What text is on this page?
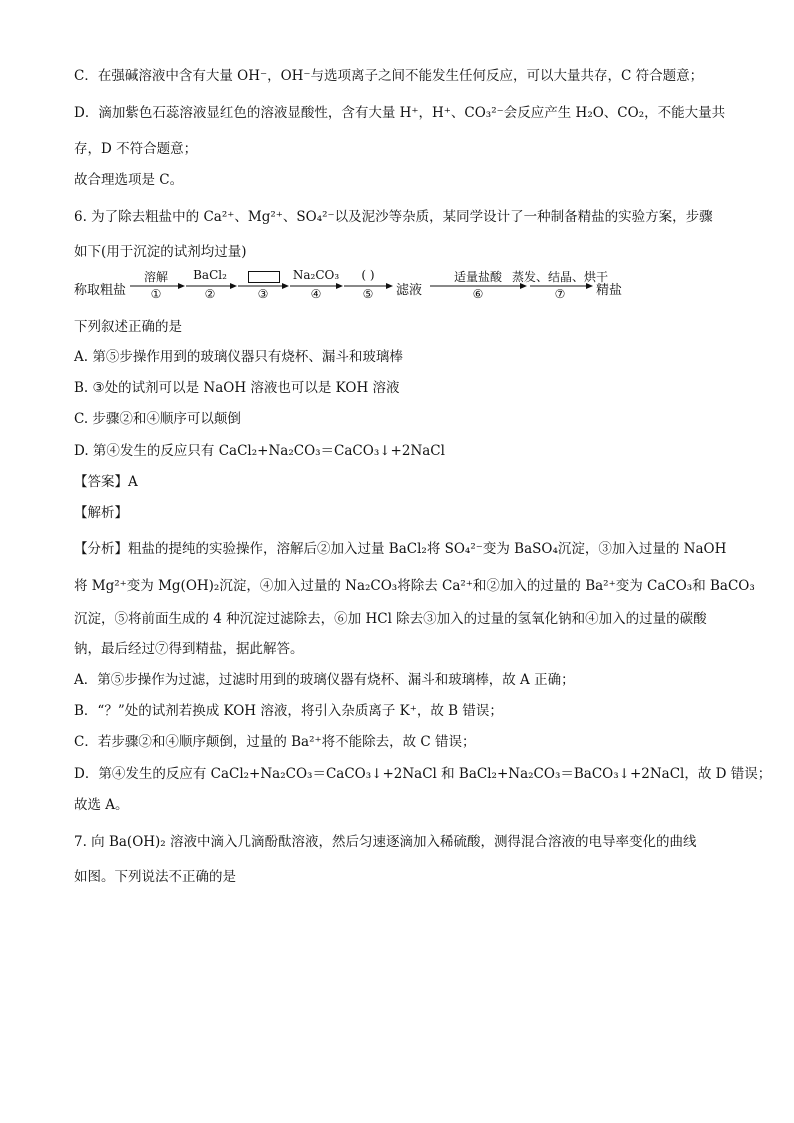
C．在强碱溶液中含有大量 OH⁻，OH⁻与选项离子之间不能发生任何反应，可以大量共存，C 符合题意；
D．滴加紫色石蕊溶液显红色的溶液显酸性，含有大量 H⁺，H⁺、CO₃²⁻会反应产生 H₂O、CO₂，不能大量共
存，D 不符合题意；
故合理选项是 C。
6. 为了除去粗盐中的 Ca²⁺、Mg²⁺、SO₄²⁻以及泥沙等杂质，某同学设计了一种制备精盐的实验方案，步骤
如下(用于沉淀的试剂均过量)
称取粗盐	滤液	精盐
溶解
①
BaCl₂
②	③
Na₂CO₃
④
( )
⑤
适量盐酸
⑥
蒸发、结晶、烘干
⑦
下列叙述正确的是
A. 第⑤步操作用到的玻璃仪器只有烧杯、漏斗和玻璃棒
B. ③处的试剂可以是 NaOH 溶液也可以是 KOH 溶液
C. 步骤②和④顺序可以颠倒
D. 第④发生的反应只有 CaCl₂+Na₂CO₃＝CaCO₃↓+2NaCl
【答案】A
【解析】
【分析】粗盐的提纯的实验操作，溶解后②加入过量 BaCl₂将 SO₄²⁻变为 BaSO₄沉淀，③加入过量的 NaOH
将 Mg²⁺变为 Mg(OH)₂沉淀，④加入过量的 Na₂CO₃将除去 Ca²⁺和②加入的过量的 Ba²⁺变为 CaCO₃和 BaCO₃
沉淀，⑤将前面生成的 4 种沉淀过滤除去，⑥加 HCl 除去③加入的过量的氢氧化钠和④加入的过量的碳酸
钠，最后经过⑦得到精盐，据此解答。
A．第⑤步操作为过滤，过滤时用到的玻璃仪器有烧杯、漏斗和玻璃棒，故 A 正确；
B．“？”处的试剂若换成 KOH 溶液，将引入杂质离子 K⁺，故 B 错误；
C．若步骤②和④顺序颠倒，过量的 Ba²⁺将不能除去，故 C 错误；
D．第④发生的反应有 CaCl₂+Na₂CO₃＝CaCO₃↓+2NaCl 和 BaCl₂+Na₂CO₃＝BaCO₃↓+2NaCl，故 D 错误；
故选 A。
7. 向 Ba(OH)₂ 溶液中滴入几滴酚酞溶液，然后匀速逐滴加入稀硫酸，测得混合溶液的电导率变化的曲线
如图。下列说法不正确的是
